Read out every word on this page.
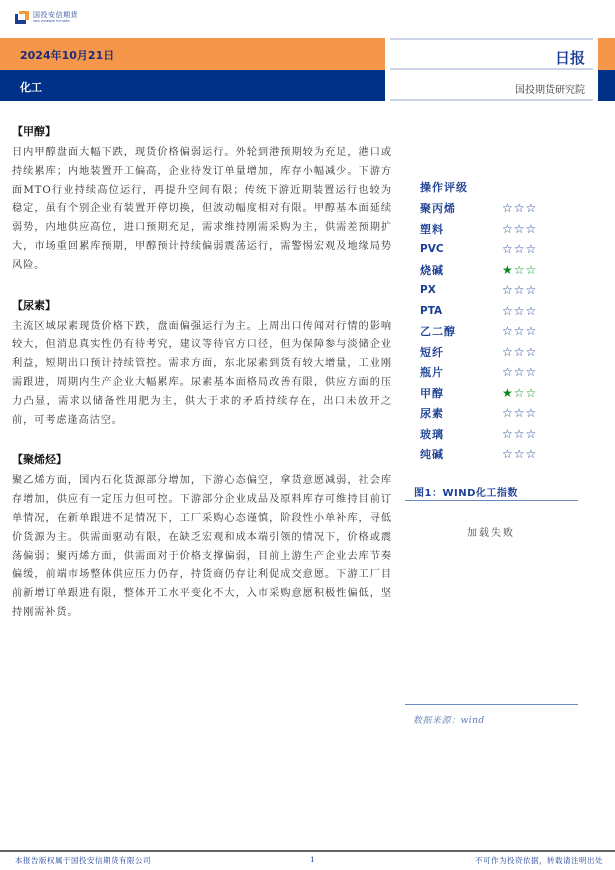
国投安信期货
SDIC ESSENCE FUTURES
2024年10月21日
化工
日报
国投期货研究院
【甲醇】
日内甲醇盘面大幅下跌，现货价格偏弱运行。外轮到港预期较为充足，港口或持续累库；内地装置开工偏高，企业待发订单量增加，库存小幅减少。下游方面MTO行业持续高位运行，再提升空间有限；传统下游近期装置运行也较为稳定，虽有个别企业有装置开停切换，但波动幅度相对有限。甲醇基本面延续弱势，内地供应高位，进口预期充足，需求维持刚需采购为主，供需差预期扩大，市场重回累库预期，甲醇预计持续偏弱震荡运行，需警惕宏观及地缘局势风险。
【尿素】
主流区域尿素现货价格下跌，盘面偏强运行为主。上周出口传闻对行情的影响较大，但消息真实性仍有待考究，建议等待官方口径，但为保障参与淡储企业利益，短期出口预计持续管控。需求方面，东北尿素到货有较大增量，工业刚需跟进，周期内生产企业大幅累库。尿素基本面格局改善有限，供应方面的压力凸显，需求以储备性用肥为主，供大于求的矛盾持续存在，出口未放开之前，可考虑逢高沽空。
【聚烯烃】
聚乙烯方面，国内石化货源部分增加，下游心态偏空，拿货意愿减弱，社会库存增加，供应有一定压力但可控。下游部分企业成品及原料库存可维持目前订单情况，在新单跟进不足情况下，工厂采购心态谨慎，阶段性小单补库，寻低价货源为主。供需面驱动有限，在缺乏宏观和成本端引领的情况下，价格或震荡偏弱；聚丙烯方面，供需面对于价格支撑偏弱，目前上游生产企业去库节奏偏缓，前端市场整体供应压力仍存，持货商仍存让利促成交意愿。下游工厂目前新增订单跟进有限，整体开工水平变化不大，入市采购意愿积极性偏低，坚持刚需补货。
操作评级
聚丙烯	☆ ☆ ☆
塑料	☆ ☆ ☆
PVC	☆ ☆ ☆
烧碱	★ ☆ ☆
PX	☆ ☆ ☆
PTA	☆ ☆ ☆
乙二醇	☆ ☆ ☆
短纤	☆ ☆ ☆
瓶片	☆ ☆ ☆
甲醇	★ ☆ ☆
尿素	☆ ☆ ☆
玻璃	☆ ☆ ☆
纯碱	☆ ☆ ☆
图1：WIND化工指数
加载失败
数据来源：wind
本报告版权属于国投安信期货有限公司	1	不可作为投资依据，转载请注明出处
